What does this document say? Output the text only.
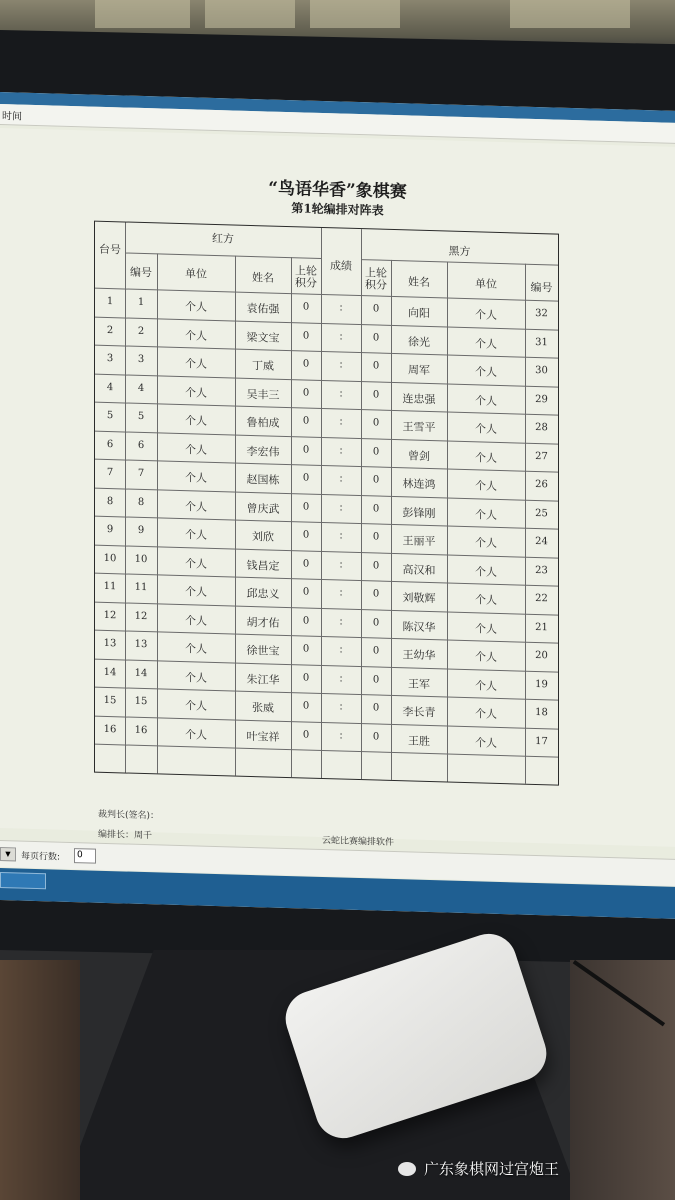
时间
“鸟语华香”象棋赛
第1轮编排对阵表
台号
红方
成绩
黑方
编号	单位	姓名	上轮积分
上轮积分	姓名	单位	编号
1	1	个人	袁佑强	0	:	0	向阳	个人	32
2	2	个人	梁文宝	0	:	0	徐光	个人	31
3	3	个人	丁威	0	:	0	周军	个人	30
4	4	个人	吴丰三	0	:	0	连忠强	个人	29
5	5	个人	鲁柏成	0	:	0	王雪平	个人	28
6	6	个人	李宏伟	0	:	0	曾剑	个人	27
7	7	个人	赵国栋	0	:	0	林连鸿	个人	26
8	8	个人	曾庆武	0	:	0	彭锋刚	个人	25
9	9	个人	刘欣	0	:	0	王丽平	个人	24
10	10	个人	钱昌定	0	:	0	高汉和	个人	23
11	11	个人	邱忠义	0	:	0	刘敬辉	个人	22
12	12	个人	胡才佑	0	:	0	陈汉华	个人	21
13	13	个人	徐世宝	0	:	0	王幼华	个人	20
14	14	个人	朱江华	0	:	0	王军	个人	19
15	15	个人	张威	0	:	0	李长青	个人	18
16	16	个人	叶宝祥	0	:	0	王胜	个人	17
裁判长(签名)：
编排长：周千
云蛇比赛编排软件
▼	每页行数:	0
广东象棋网过宫炮王
